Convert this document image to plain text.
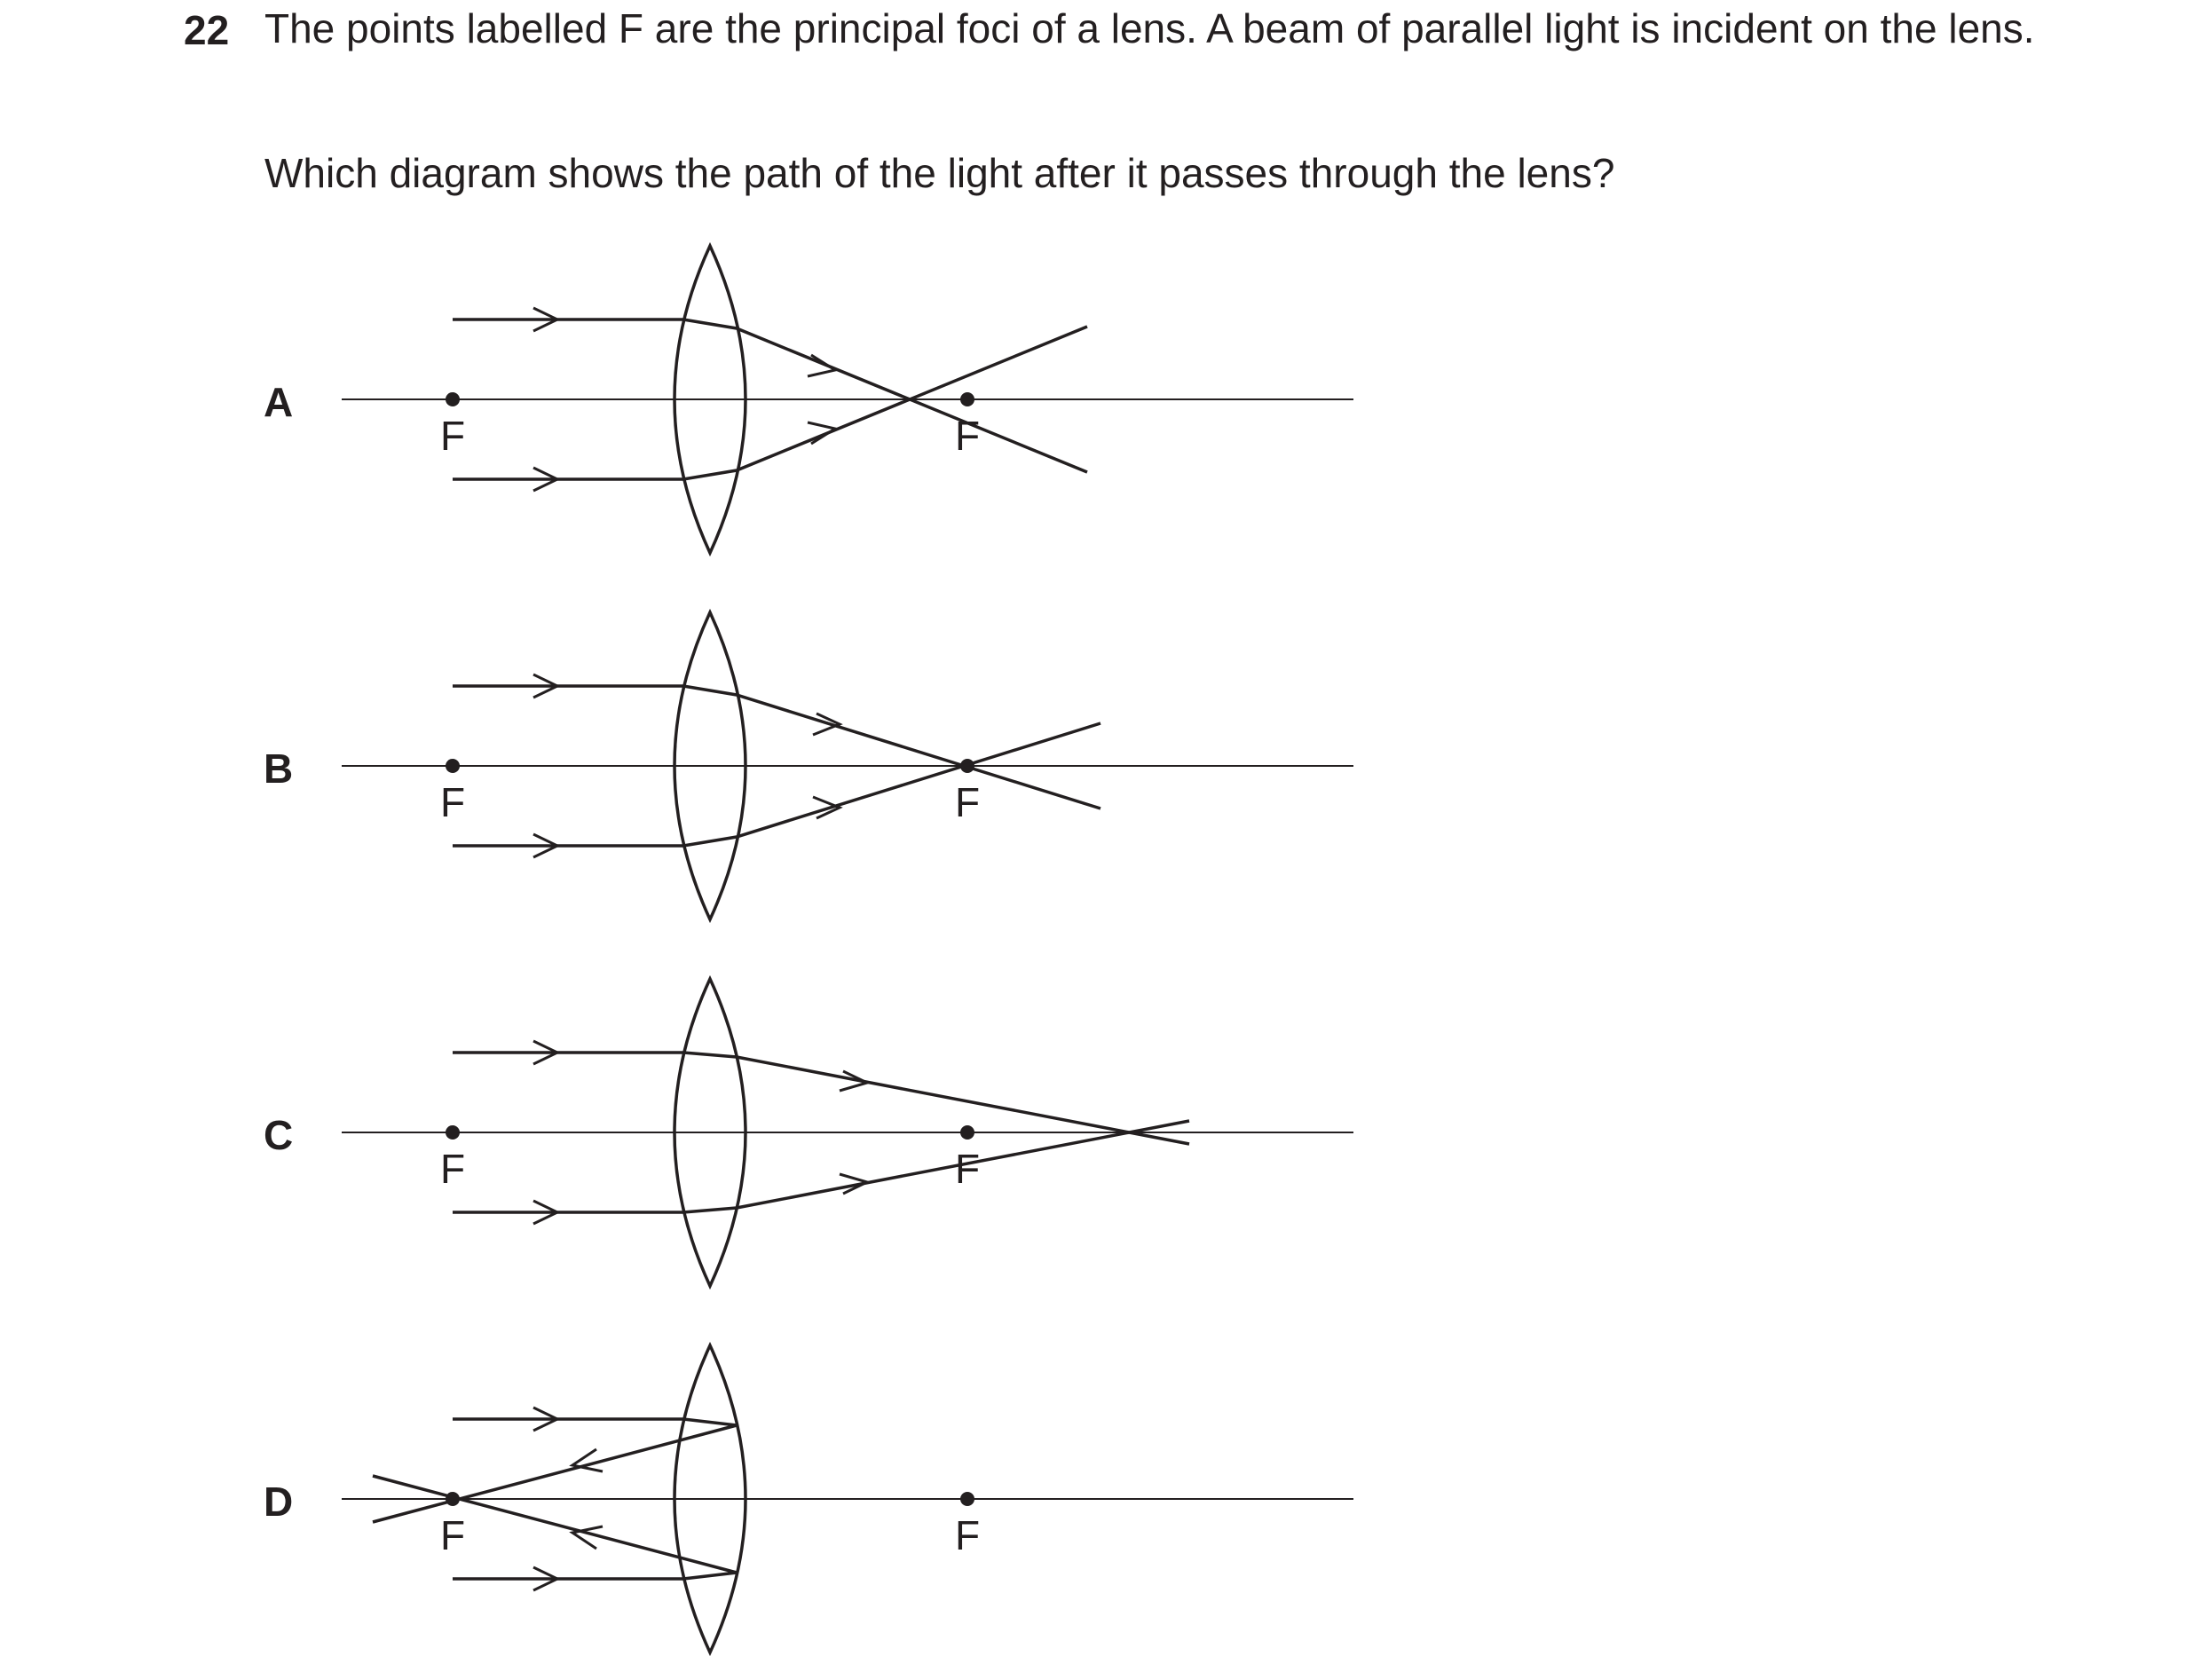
22 The points labelled F are the principal foci of a lens. A beam of parallel light is incident on the lens.
Which diagram shows the path of the light after it passes through the lens?
A
B
C
D
F	F
F	F
F	F
F	F
